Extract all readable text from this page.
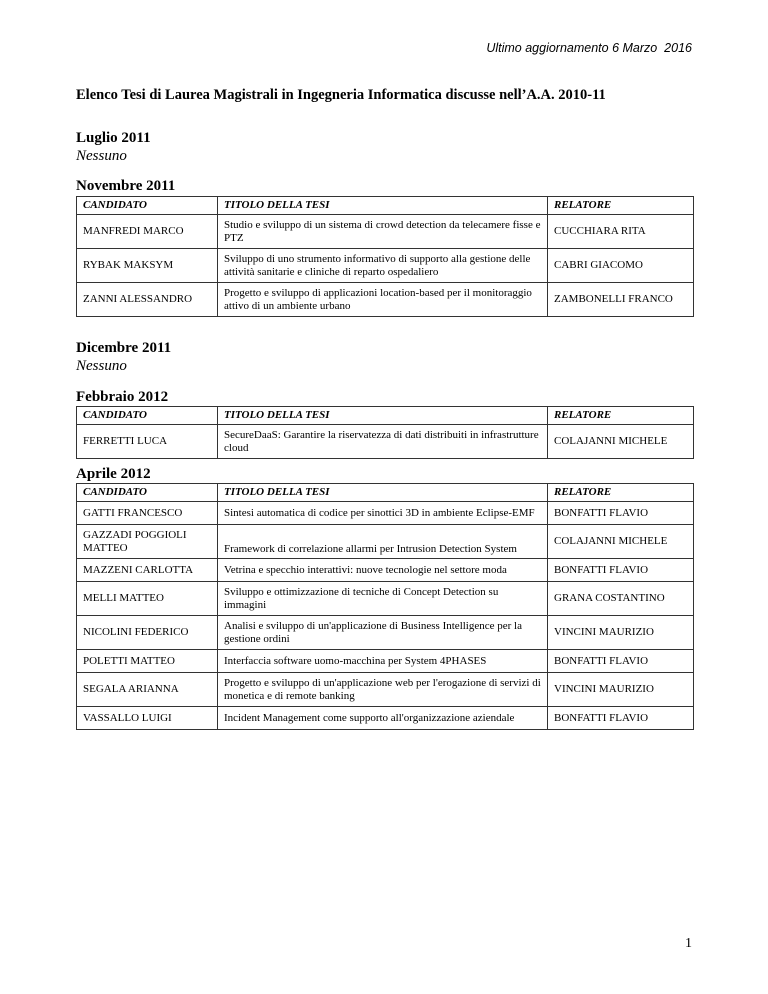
Ultimo aggiornamento 6 Marzo  2016
Elenco Tesi di Laurea Magistrali in Ingegneria Informatica discusse nell’A.A. 2010-11
Luglio 2011
Nessuno
Novembre 2011
CANDIDATO	TITOLO DELLA TESI	RELATORE
MANFREDI MARCO	Studio e sviluppo di un sistema di crowd detection da telecamere fisse e PTZ	CUCCHIARA RITA
RYBAK MAKSYM	Sviluppo di uno strumento informativo di supporto alla gestione delle attività sanitarie e cliniche di reparto ospedaliero	CABRI GIACOMO
ZANNI ALESSANDRO	Progetto e sviluppo di applicazioni location-based per il monitoraggio attivo di un ambiente urbano	ZAMBONELLI FRANCO
Dicembre 2011
Nessuno
Febbraio 2012
CANDIDATO	TITOLO DELLA TESI	RELATORE
FERRETTI LUCA	SecureDaaS: Garantire la riservatezza di dati distribuiti in infrastrutture cloud	COLAJANNI MICHELE
Aprile 2012
CANDIDATO	TITOLO DELLA TESI	RELATORE
GATTI FRANCESCO	Sintesi automatica di codice per sinottici 3D in ambiente Eclipse-EMF	BONFATTI FLAVIO
GAZZADI POGGIOLI MATTEO	Framework di correlazione allarmi per Intrusion Detection System	COLAJANNI MICHELE
MAZZENI CARLOTTA	Vetrina e specchio interattivi: nuove tecnologie nel settore moda	BONFATTI FLAVIO
MELLI MATTEO	Sviluppo e ottimizzazione di tecniche di Concept Detection su immagini	GRANA COSTANTINO
NICOLINI FEDERICO	Analisi e sviluppo di un'applicazione di Business Intelligence per la gestione ordini	VINCINI MAURIZIO
POLETTI MATTEO	Interfaccia software uomo-macchina per System 4PHASES	BONFATTI FLAVIO
SEGALA ARIANNA	Progetto e sviluppo di un'applicazione web per l'erogazione di servizi di monetica e di remote banking	VINCINI MAURIZIO
VASSALLO LUIGI	Incident Management come supporto all'organizzazione aziendale	BONFATTI FLAVIO
1
